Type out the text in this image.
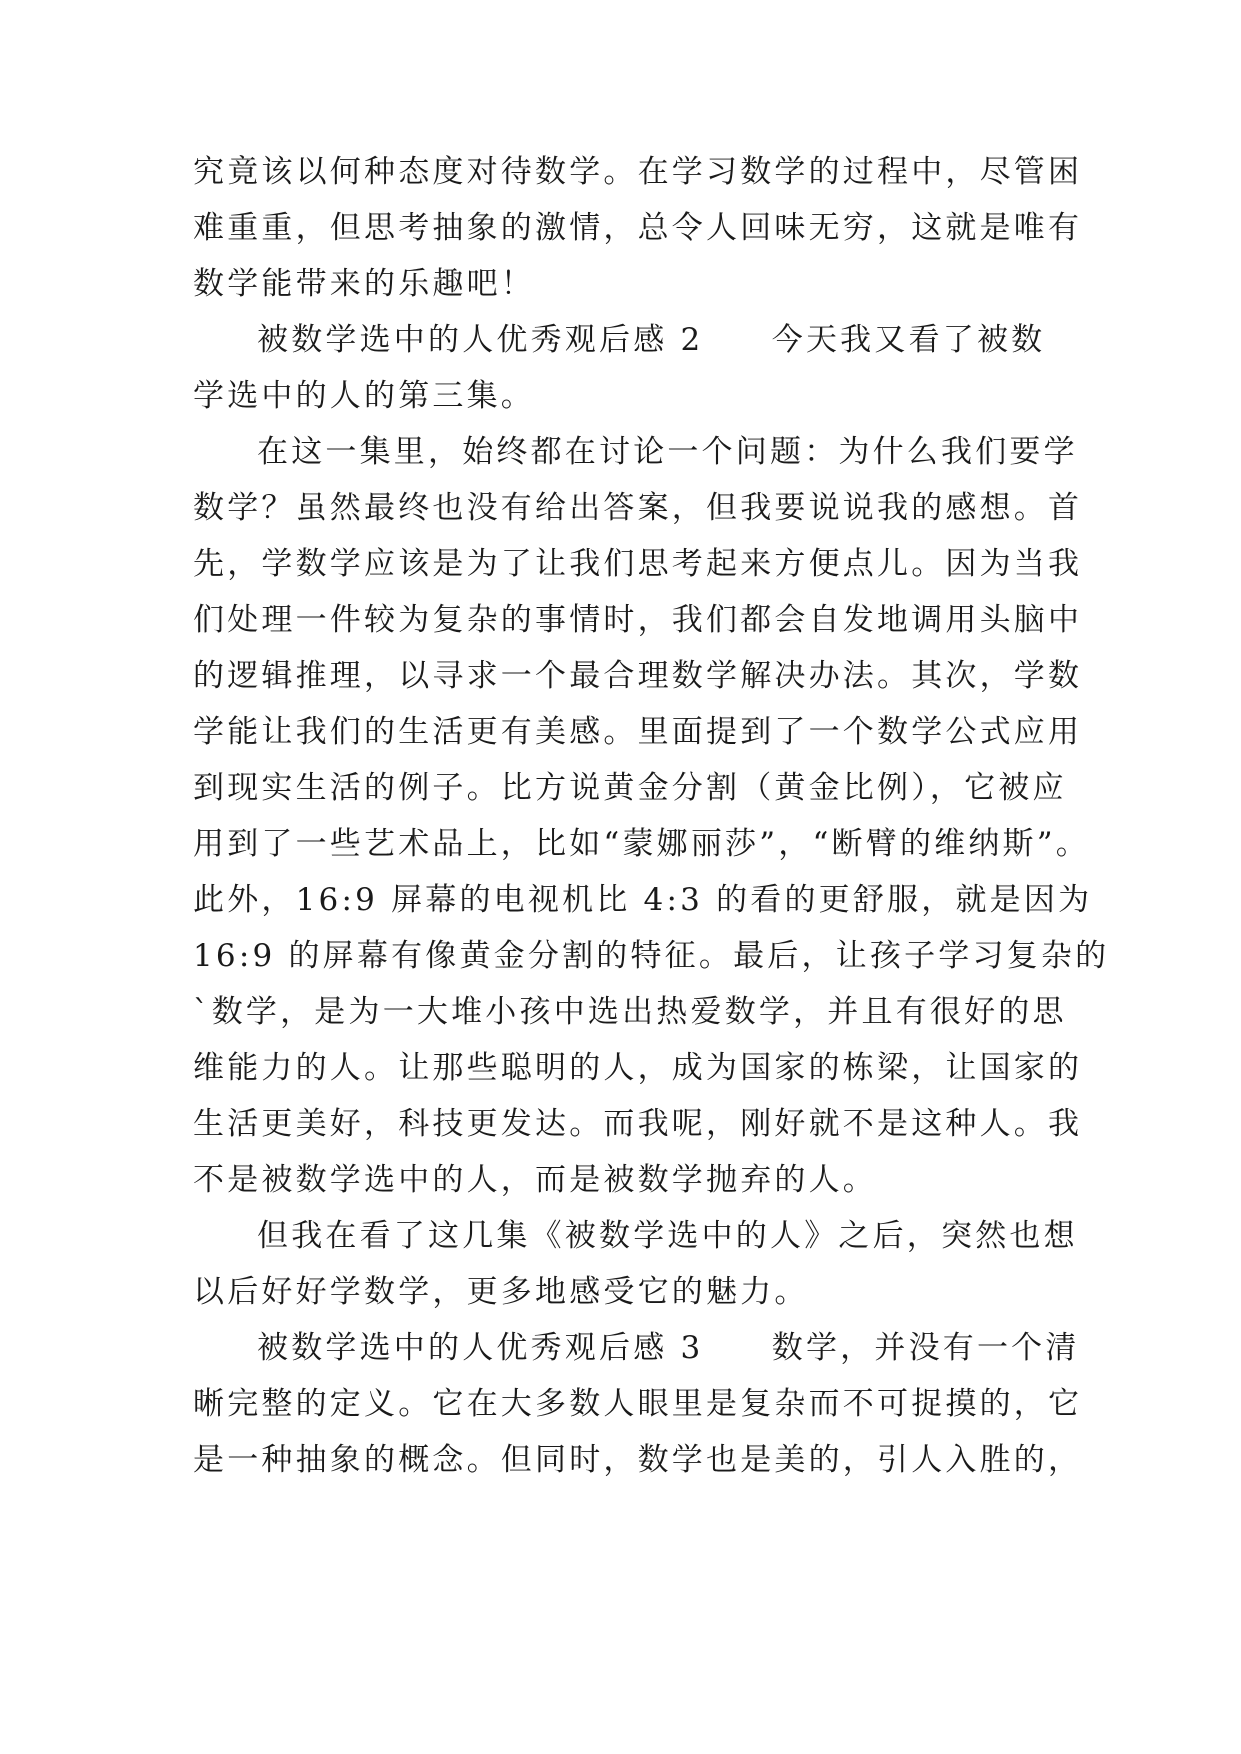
究竟该以何种态度对待数学。在学习数学的过程中，尽管困
难重重，但思考抽象的激情，总令人回味无穷，这就是唯有
数学能带来的乐趣吧！
被数学选中的人优秀观后感 2　　今天我又看了被数
学选中的人的第三集。
在这一集里，始终都在讨论一个问题：为什么我们要学
数学？虽然最终也没有给出答案，但我要说说我的感想。首
先，学数学应该是为了让我们思考起来方便点儿。因为当我
们处理一件较为复杂的事情时，我们都会自发地调用头脑中
的逻辑推理，以寻求一个最合理数学解决办法。其次，学数
学能让我们的生活更有美感。里面提到了一个数学公式应用
到现实生活的例子。比方说黄金分割（黄金比例），它被应
用到了一些艺术品上，比如“蒙娜丽莎”，“断臂的维纳斯”。
此外，16:9 屏幕的电视机比 4:3 的看的更舒服，就是因为
16:9 的屏幕有像黄金分割的特征。最后，让孩子学习复杂的
`数学，是为一大堆小孩中选出热爱数学，并且有很好的思
维能力的人。让那些聪明的人，成为国家的栋梁，让国家的
生活更美好，科技更发达。而我呢，刚好就不是这种人。我
不是被数学选中的人，而是被数学抛弃的人。
但我在看了这几集《被数学选中的人》之后，突然也想
以后好好学数学，更多地感受它的魅力。
被数学选中的人优秀观后感 3　　数学，并没有一个清
晰完整的定义。它在大多数人眼里是复杂而不可捉摸的，它
是一种抽象的概念。但同时，数学也是美的，引人入胜的，
